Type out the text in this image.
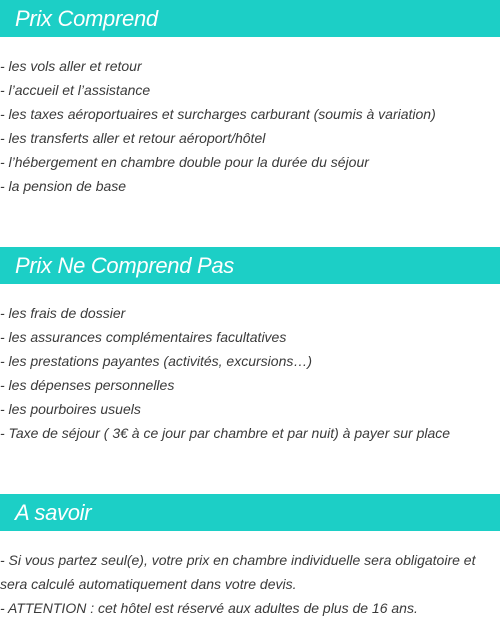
Prix Comprend
- les vols aller et retour
- l’accueil et l’assistance
- les taxes aéroportuaires et surcharges carburant (soumis à variation)
- les transferts aller et retour aéroport/hôtel
- l’hébergement en chambre double pour la durée du séjour
- la pension de base
Prix Ne Comprend Pas
- les frais de dossier
- les assurances complémentaires facultatives
- les prestations payantes (activités, excursions…)
- les dépenses personnelles
- les pourboires usuels
- Taxe de séjour ( 3€ à ce jour par chambre et par nuit) à payer sur place
A savoir
- Si vous partez seul(e), votre prix en chambre individuelle sera obligatoire et sera calculé automatiquement dans votre devis.
- ATTENTION : cet hôtel est réservé aux adultes de plus de 16 ans.
